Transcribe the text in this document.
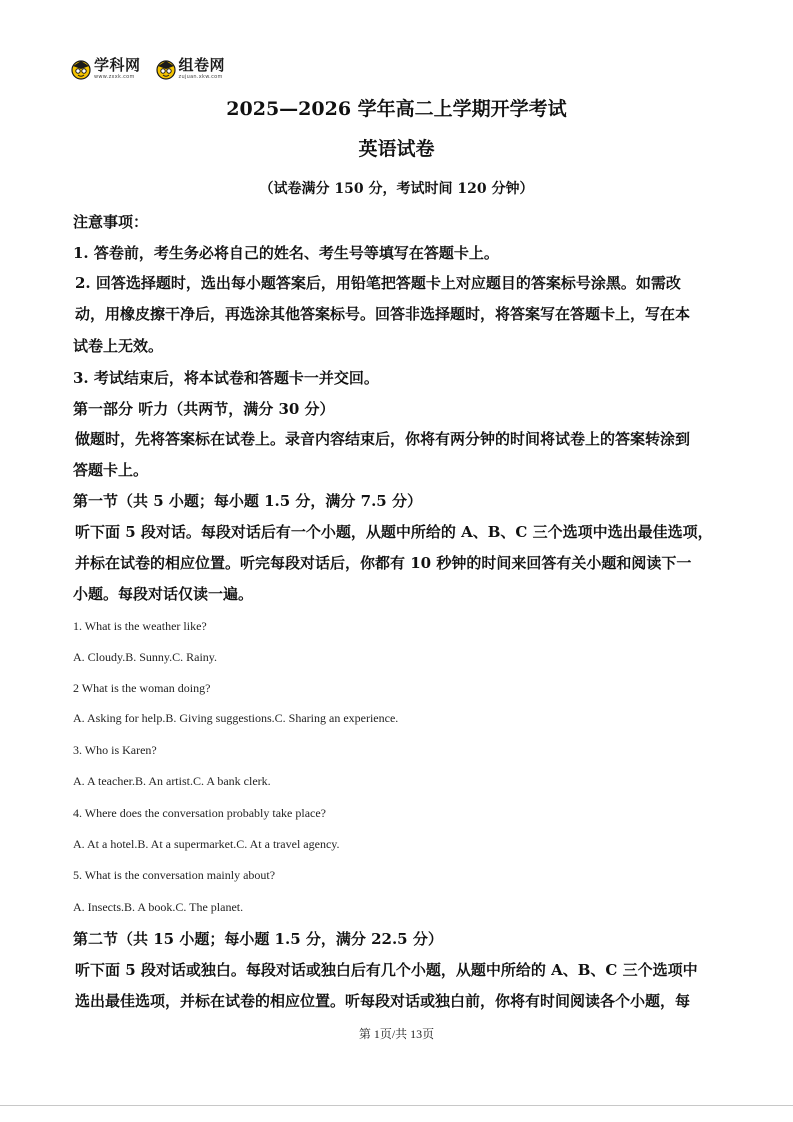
学科网
www.zxxk.com
组卷网
zujuan.xkw.com
2025—2026 学年高二上学期开学考试
英语试卷
（试卷满分 150 分，考试时间 120 分钟）
注意事项：
1. 答卷前，考生务必将自己的姓名、考生号等填写在答题卡上。
2. 回答选择题时，选出每小题答案后，用铅笔把答题卡上对应题目的答案标号涂黑。如需改
动，用橡皮擦干净后，再选涂其他答案标号。回答非选择题时，将答案写在答题卡上，写在本
试卷上无效。
3. 考试结束后，将本试卷和答题卡一并交回。
第一部分 听力（共两节，满分 30 分）
做题时，先将答案标在试卷上。录音内容结束后，你将有两分钟的时间将试卷上的答案转涂到
答题卡上。
第一节（共 5 小题；每小题 1.5 分，满分 7.5 分）
听下面 5 段对话。每段对话后有一个小题，从题中所给的 A、B、C 三个选项中选出最佳选项，
并标在试卷的相应位置。听完每段对话后，你都有 10 秒钟的时间来回答有关小题和阅读下一
小题。每段对话仅读一遍。
1. What is the weather like?
A. Cloudy.B. Sunny.C. Rainy.
2 What is the woman doing?
A. Asking for help.B. Giving suggestions.C. Sharing an experience.
3. Who is Karen?
A. A teacher.B. An artist.C. A bank clerk.
4. Where does the conversation probably take place?
A. At a hotel.B. At a supermarket.C. At a travel agency.
5. What is the conversation mainly about?
A. Insects.B. A book.C. The planet.
第二节（共 15 小题；每小题 1.5 分，满分 22.5 分）
听下面 5 段对话或独白。每段对话或独白后有几个小题，从题中所给的 A、B、C 三个选项中
选出最佳选项，并标在试卷的相应位置。听每段对话或独白前，你将有时间阅读各个小题，每
第 1页/共 13页
